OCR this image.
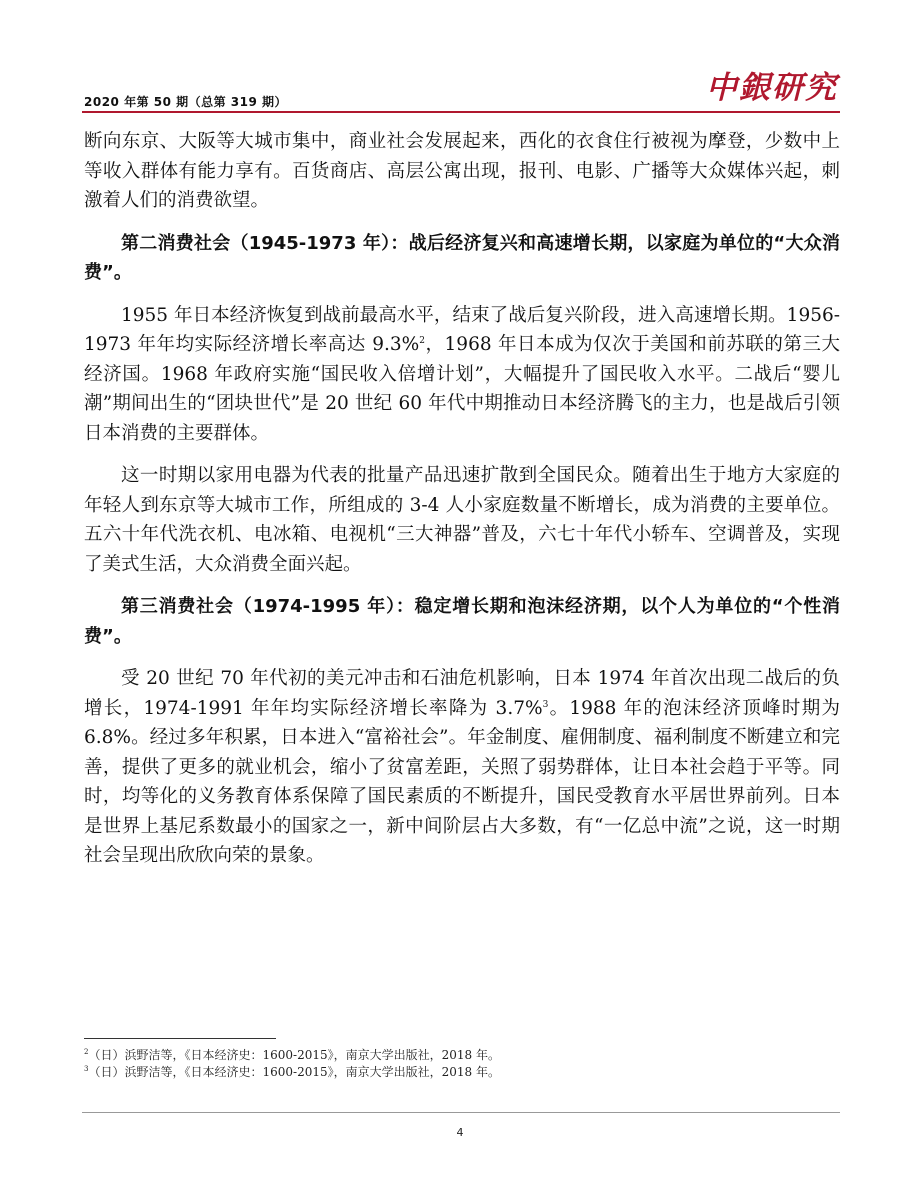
2020 年第 50 期（总第 319 期）	中銀研究

断向东京、大阪等大城市集中，商业社会发展起来，西化的衣食住行被视为摩登，少数中上等收入群体有能力享有。百货商店、高层公寓出现，报刊、电影、广播等大众媒体兴起，刺激着人们的消费欲望。

第二消费社会（1945-1973 年）：战后经济复兴和高速增长期，以家庭为单位的“大众消费”。

1955 年日本经济恢复到战前最高水平，结束了战后复兴阶段，进入高速增长期。1956-1973 年年均实际经济增长率高达 9.3%$^2$，1968 年日本成为仅次于美国和前苏联的第三大经济国。1968 年政府实施“国民收入倍增计划”，大幅提升了国民收入水平。二战后“婴儿潮”期间出生的“团块世代”是 20 世纪 60 年代中期推动日本经济腾飞的主力，也是战后引领日本消费的主要群体。

这一时期以家用电器为代表的批量产品迅速扩散到全国民众。随着出生于地方大家庭的年轻人到东京等大城市工作，所组成的 3-4 人小家庭数量不断增长，成为消费的主要单位。五六十年代洗衣机、电冰箱、电视机“三大神器”普及，六七十年代小轿车、空调普及，实现了美式生活，大众消费全面兴起。

第三消费社会（1974-1995 年）：稳定增长期和泡沫经济期，以个人为单位的“个性消费”。

受 20 世纪 70 年代初的美元冲击和石油危机影响，日本 1974 年首次出现二战后的负增长，1974-1991 年年均实际经济增长率降为 3.7%$^3$。1988 年的泡沫经济顶峰时期为 6.8%。经过多年积累，日本进入“富裕社会”。年金制度、雇佣制度、福利制度不断建立和完善，提供了更多的就业机会，缩小了贫富差距，关照了弱势群体，让日本社会趋于平等。同时，均等化的义务教育体系保障了国民素质的不断提升，国民受教育水平居世界前列。日本是世界上基尼系数最小的国家之一，新中间阶层占大多数，有“一亿总中流”之说，这一时期社会呈现出欣欣向荣的景象。

$^2$（日）浜野洁等，《日本经济史：1600-2015》，南京大学出版社，2018 年。
$^3$（日）浜野洁等，《日本经济史：1600-2015》，南京大学出版社，2018 年。
4
